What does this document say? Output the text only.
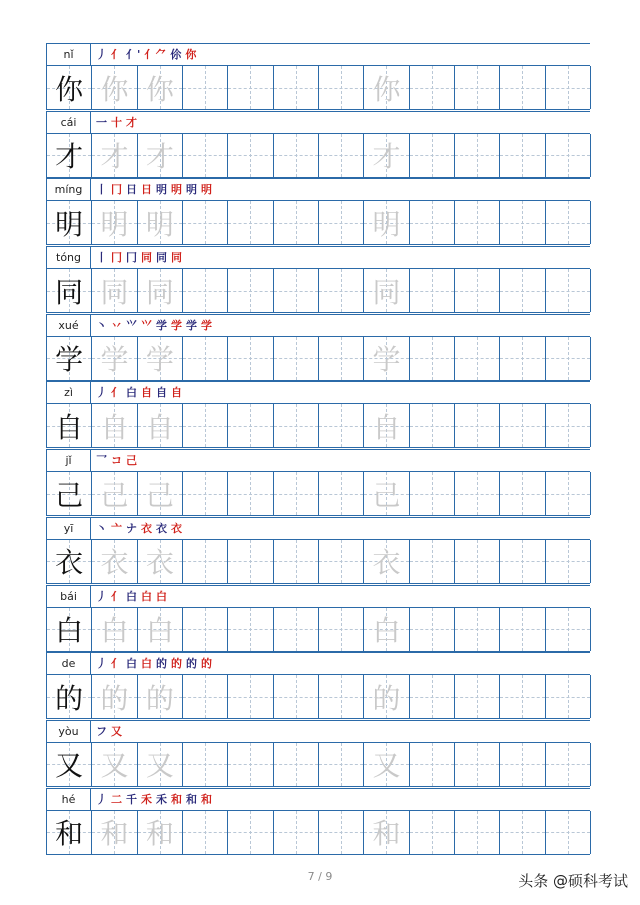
nǐ	丿 亻 亻' 亻⺈ 伱 你
你 你 你	你
cái	一 十 才
才 才 才	才
míng	丨 冂 日 日 明 明 明 明
明 明 明	明
tóng	丨 冂 冂 同 同 同
同 同 同	同
xué	丶 丷 ⺍ ⺍ 学 学 学 学
学 学 学	学
zì	丿 亻 白 自 自 自
自 自 自	自
jǐ	乛 コ 己
己 己 己	己
yī	丶 亠 ナ 衣 衣 衣
衣 衣 衣	衣
bái	丿 亻 白 白 白
白 白 白	白
de	丿 亻 白 白 的 的 的 的
的 的 的	的
yòu	フ 又
又 又 又	又
hé	丿 二 千 禾 禾 和 和 和
和 和 和	和
7 / 9	头条 @硕科考试
